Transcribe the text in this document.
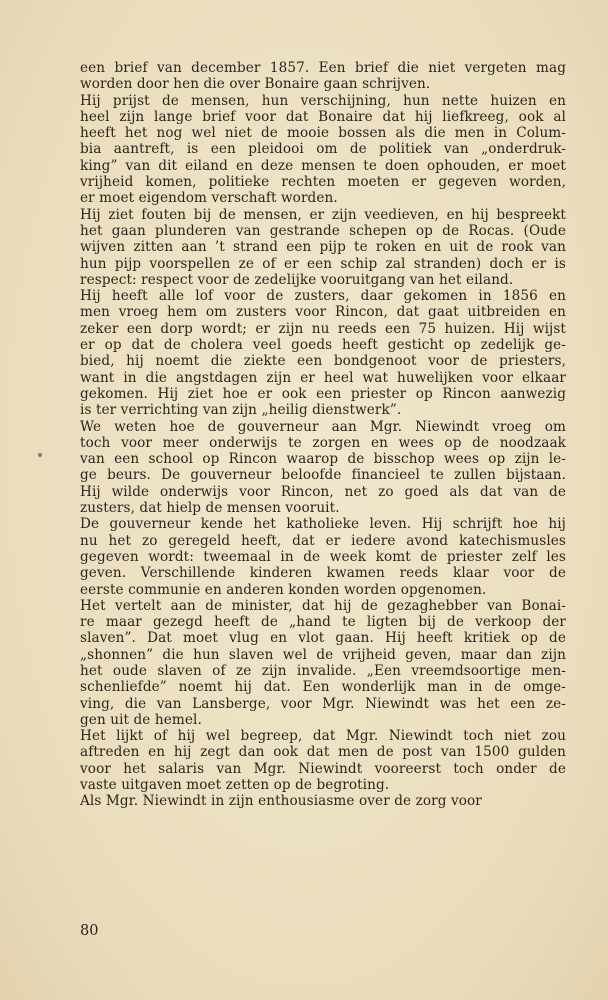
een brief van december 1857. Een brief die niet vergeten mag
worden door hen die over Bonaire gaan schrijven.
Hij prijst de mensen, hun verschijning, hun nette huizen en
heel zijn lange brief voor dat Bonaire dat hij liefkreeg, ook al
heeft het nog wel niet de mooie bossen als die men in Colum-
bia aantreft, is een pleidooi om de politiek van „onderdruk-
king” van dit eiland en deze mensen te doen ophouden, er moet
vrijheid komen, politieke rechten moeten er gegeven worden,
er moet eigendom verschaft worden.
Hij ziet fouten bij de mensen, er zijn veedieven, en hij bespreekt
het gaan plunderen van gestrande schepen op de Rocas. (Oude
wijven zitten aan ’t strand een pijp te roken en uit de rook van
hun pijp voorspellen ze of er een schip zal stranden) doch er is
respect: respect voor de zedelijke vooruitgang van het eiland.
Hij heeft alle lof voor de zusters, daar gekomen in 1856 en
men vroeg hem om zusters voor Rincon, dat gaat uitbreiden en
zeker een dorp wordt; er zijn nu reeds een 75 huizen. Hij wijst
er op dat de cholera veel goeds heeft gesticht op zedelijk ge-
bied, hij noemt die ziekte een bondgenoot voor de priesters,
want in die angstdagen zijn er heel wat huwelijken voor elkaar
gekomen. Hij ziet hoe er ook een priester op Rincon aanwezig
is ter verrichting van zijn „heilig dienstwerk”.
We weten hoe de gouverneur aan Mgr. Niewindt vroeg om
toch voor meer onderwijs te zorgen en wees op de noodzaak
van een school op Rincon waarop de bisschop wees op zijn le-
ge beurs. De gouverneur beloofde financieel te zullen bijstaan.
Hij wilde onderwijs voor Rincon, net zo goed als dat van de
zusters, dat hielp de mensen vooruit.
De gouverneur kende het katholieke leven. Hij schrijft hoe hij
nu het zo geregeld heeft, dat er iedere avond katechismusles
gegeven wordt: tweemaal in de week komt de priester zelf les
geven. Verschillende kinderen kwamen reeds klaar voor de
eerste communie en anderen konden worden opgenomen.
Het vertelt aan de minister, dat hij de gezaghebber van Bonai-
re maar gezegd heeft de „hand te ligten bij de verkoop der
slaven”. Dat moet vlug en vlot gaan. Hij heeft kritiek op de
„shonnen” die hun slaven wel de vrijheid geven, maar dan zijn
het oude slaven of ze zijn invalide. „Een vreemdsoortige men-
schenliefde” noemt hij dat. Een wonderlijk man in de omge-
ving, die van Lansberge, voor Mgr. Niewindt was het een ze-
gen uit de hemel.
Het lijkt of hij wel begreep, dat Mgr. Niewindt toch niet zou
aftreden en hij zegt dan ook dat men de post van 1500 gulden
voor het salaris van Mgr. Niewindt vooreerst toch onder de
vaste uitgaven moet zetten op de begroting.
Als Mgr. Niewindt in zijn enthousiasme over de zorg voor
80
